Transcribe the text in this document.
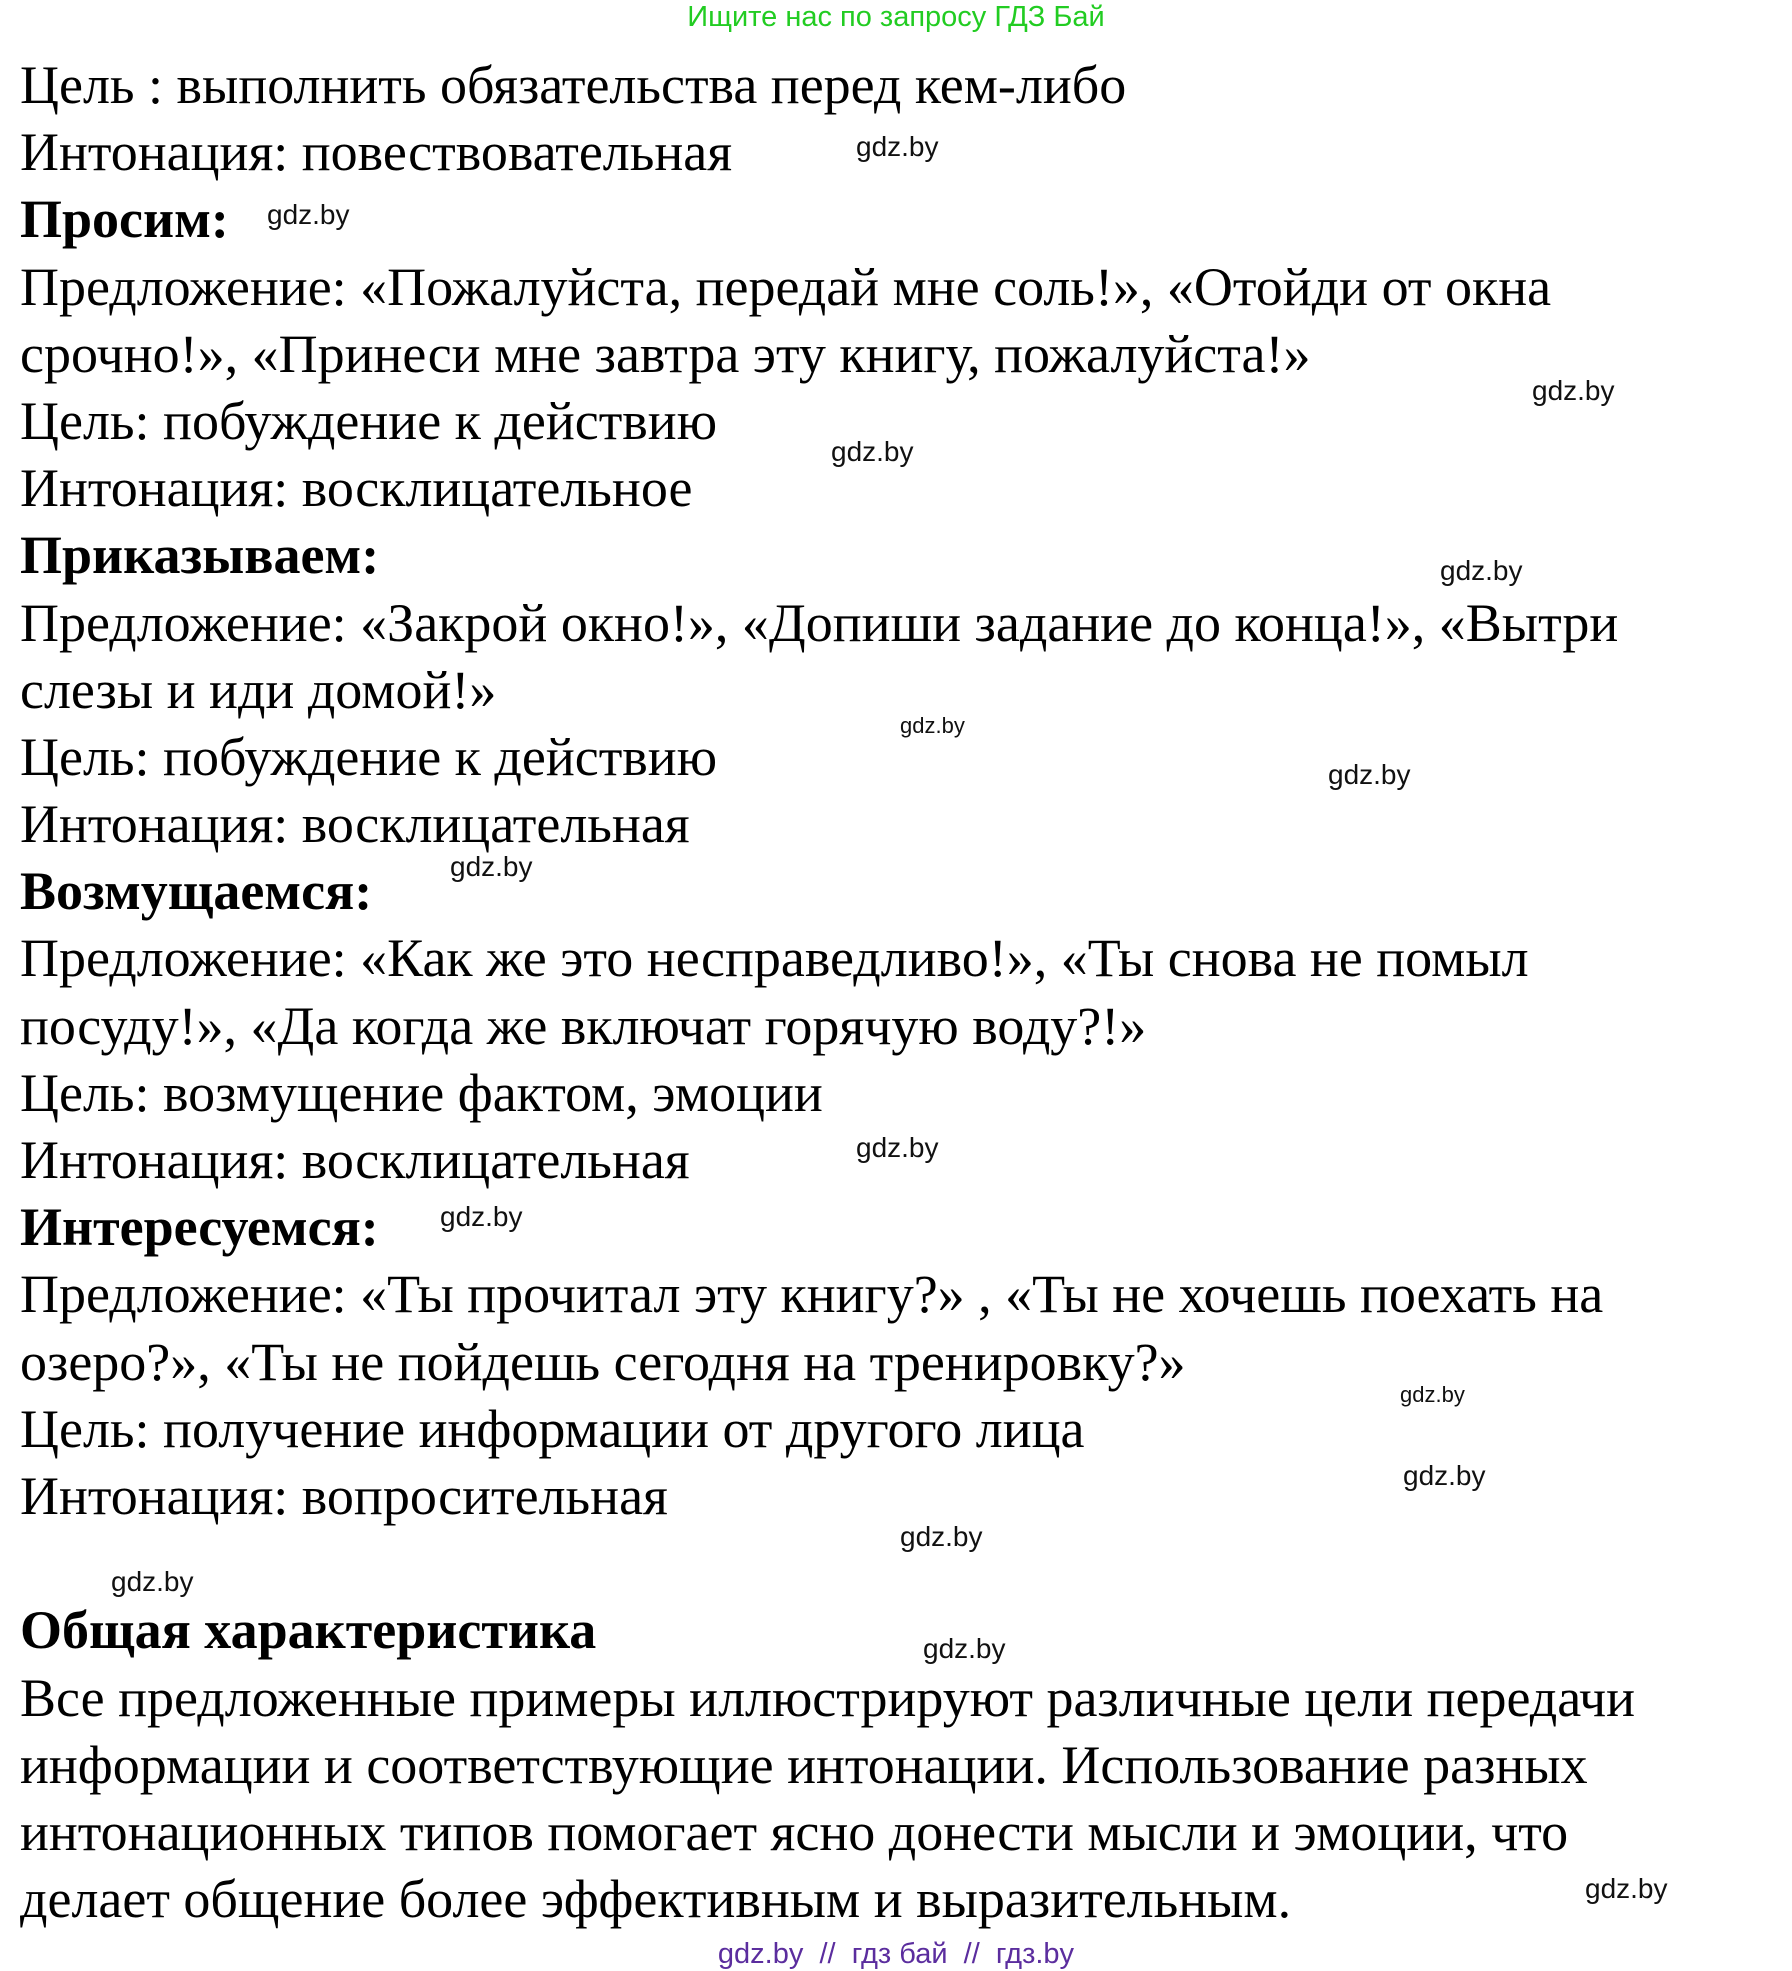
Ищите нас по запросу ГДЗ Бай
Цель : выполнить обязательства перед кем-либо
Интонация: повествовательная
Просим:
Предложение: «Пожалуйста, передай мне соль!», «Отойди от окна
срочно!», «Принеси мне завтра эту книгу, пожалуйста!»
Цель: побуждение к действию
Интонация: восклицательное
Приказываем:
Предложение: «Закрой окно!», «Допиши задание до конца!», «Вытри
слезы и иди домой!»
Цель: побуждение к действию
Интонация: восклицательная
Возмущаемся:
Предложение: «Как же это несправедливо!», «Ты снова не помыл
посуду!», «Да когда же включат горячую воду?!»
Цель: возмущение фактом, эмоции
Интонация: восклицательная
Интересуемся:
Предложение: «Ты прочитал эту книгу?» , «Ты не хочешь поехать на
озеро?», «Ты не пойдешь сегодня на тренировку?»
Цель: получение информации от другого лица
Интонация: вопросительная
Общая характеристика
Все предложенные примеры иллюстрируют различные цели передачи
информации и соответствующие интонации. Использование разных
интонационных типов помогает ясно донести мысли и эмоции, что
делает общение более эффективным и выразительным.
gdz.by
gdz.by
gdz.by
gdz.by
gdz.by
gdz.by
gdz.by
gdz.by
gdz.by
gdz.by
gdz.by
gdz.by
gdz.by
gdz.by
gdz.by
gdz.by
gdz.by  //  гдз бай  //  гдз.by
